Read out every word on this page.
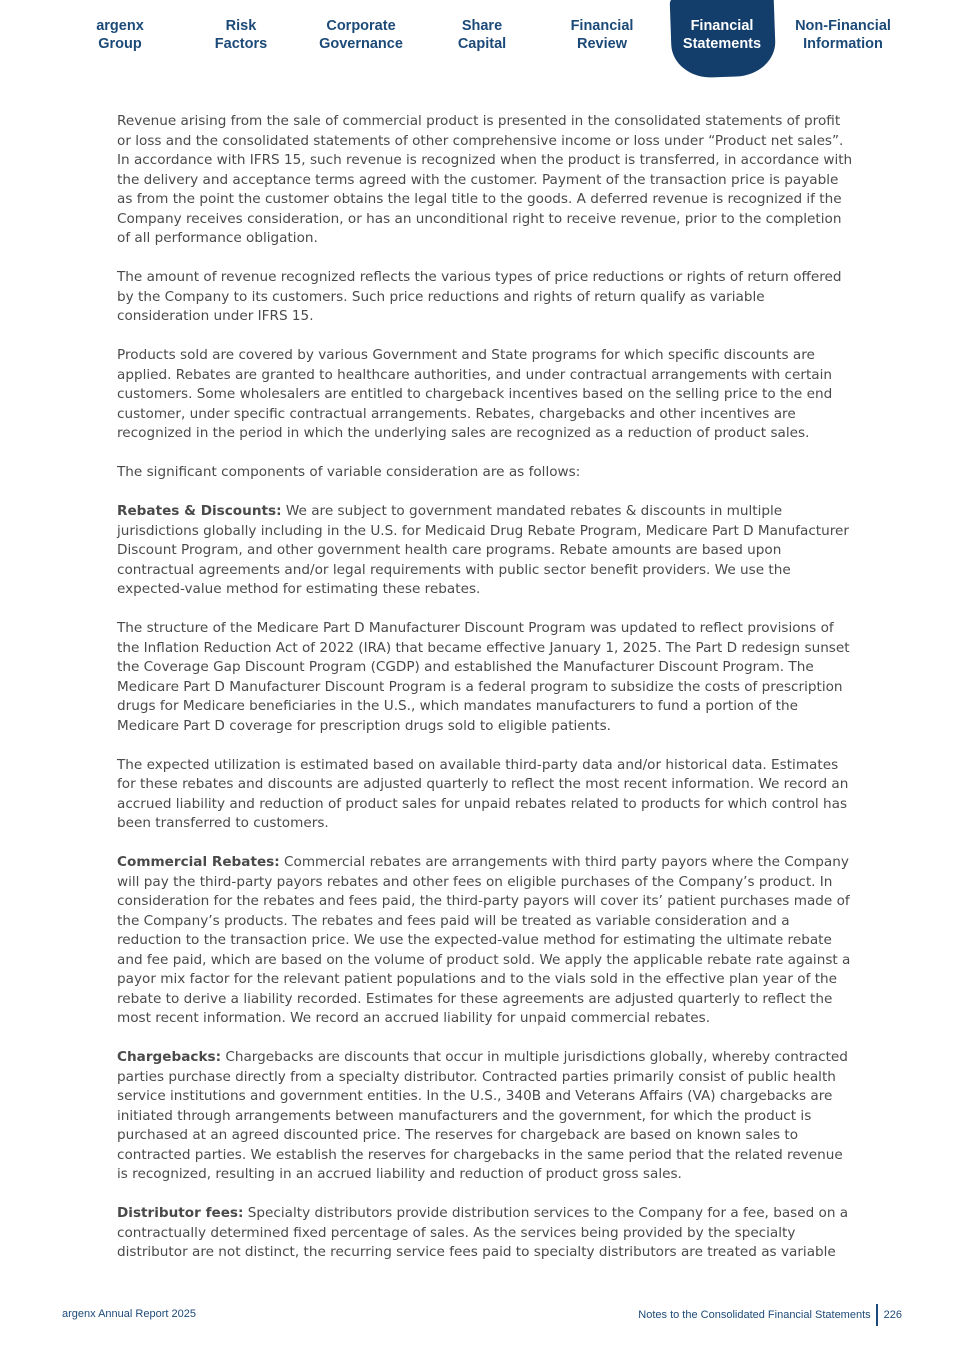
argenx
Group
Risk
Factors
Corporate
Governance
Share
Capital
Financial
Review
Financial
Statements
Non-Financial
Information

Revenue arising from the sale of commercial product is presented in the consolidated statements of profit or loss and the consolidated statements of other comprehensive income or loss under “Product net sales”. In accordance with IFRS 15, such revenue is recognized when the product is transferred, in accordance with the delivery and acceptance terms agreed with the customer. Payment of the transaction price is payable as from the point the customer obtains the legal title to the goods. A deferred revenue is recognized if the Company receives consideration, or has an unconditional right to receive revenue, prior to the completion of all performance obligation.

The amount of revenue recognized reflects the various types of price reductions or rights of return offered by the Company to its customers. Such price reductions and rights of return qualify as variable consideration under IFRS 15.

Products sold are covered by various Government and State programs for which specific discounts are applied. Rebates are granted to healthcare authorities, and under contractual arrangements with certain customers. Some wholesalers are entitled to chargeback incentives based on the selling price to the end customer, under specific contractual arrangements. Rebates, chargebacks and other incentives are recognized in the period in which the underlying sales are recognized as a reduction of product sales.

The significant components of variable consideration are as follows:

Rebates & Discounts: We are subject to government mandated rebates & discounts in multiple jurisdictions globally including in the U.S. for Medicaid Drug Rebate Program, Medicare Part D Manufacturer Discount Program, and other government health care programs. Rebate amounts are based upon contractual agreements and/or legal requirements with public sector benefit providers. We use the expected-value method for estimating these rebates.

The structure of the Medicare Part D Manufacturer Discount Program was updated to reflect provisions of the Inflation Reduction Act of 2022 (IRA) that became effective January 1, 2025. The Part D redesign sunset the Coverage Gap Discount Program (CGDP) and established the Manufacturer Discount Program. The Medicare Part D Manufacturer Discount Program is a federal program to subsidize the costs of prescription drugs for Medicare beneficiaries in the U.S., which mandates manufacturers to fund a portion of the Medicare Part D coverage for prescription drugs sold to eligible patients.

The expected utilization is estimated based on available third-party data and/or historical data. Estimates for these rebates and discounts are adjusted quarterly to reflect the most recent information. We record an accrued liability and reduction of product sales for unpaid rebates related to products for which control has been transferred to customers.

Commercial Rebates: Commercial rebates are arrangements with third party payors where the Company will pay the third-party payors rebates and other fees on eligible purchases of the Company’s product. In consideration for the rebates and fees paid, the third-party payors will cover its’ patient purchases made of the Company’s products. The rebates and fees paid will be treated as variable consideration and a reduction to the transaction price. We use the expected-value method for estimating the ultimate rebate and fee paid, which are based on the volume of product sold. We apply the applicable rebate rate against a payor mix factor for the relevant patient populations and to the vials sold in the effective plan year of the rebate to derive a liability recorded. Estimates for these agreements are adjusted quarterly to reflect the most recent information. We record an accrued liability for unpaid commercial rebates.

Chargebacks: Chargebacks are discounts that occur in multiple jurisdictions globally, whereby contracted parties purchase directly from a specialty distributor. Contracted parties primarily consist of public health service institutions and government entities. In the U.S., 340B and Veterans Affairs (VA) chargebacks are initiated through arrangements between manufacturers and the government, for which the product is purchased at an agreed discounted price. The reserves for chargeback are based on known sales to contracted parties. We establish the reserves for chargebacks in the same period that the related revenue is recognized, resulting in an accrued liability and reduction of product gross sales.

Distributor fees: Specialty distributors provide distribution services to the Company for a fee, based on a contractually determined fixed percentage of sales. As the services being provided by the specialty distributor are not distinct, the recurring service fees paid to specialty distributors are treated as variable

argenx Annual Report 2025	Notes to the Consolidated Financial Statements 226
